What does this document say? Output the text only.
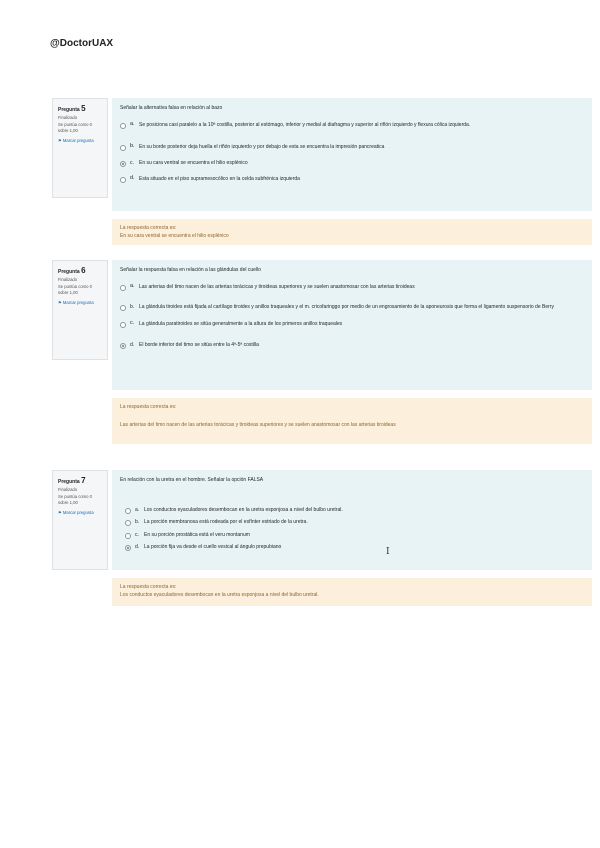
@DoctorUAX
Pregunta 5
Finalizado
Se puntúa como 0 sobre 1,00
⚑ Marcar pregunta
Señalar la alternativa falsa en relación al bazo
a. Se posiciona casi paralelo a la 10ª costilla, posterior al estómago, inferior y medial al diafragma y superior al riñón izquierdo y flexura cólica izquierda.
b. En su borde posterior deja huella el riñón izquierdo y por debajo de esta se encuentra la impresión pancreatica
c.	En su cara ventral se encuentra el hilio esplénico
d. Esta situado en el piso supramesocólico en la celda subfrénica izquierda
La respuesta correcta es:
En su cara ventral se encuentra el hilio esplénico
Pregunta 6
Finalizado
Se puntúa como 0 sobre 1,00
⚑ Marcar pregunta
Señalar la respuesta falsa en relación a las glándulas del cuello
a. Las arterias del timo nacen de las arterias torácicas y tiroideas superiores y se suelen anastomosar con las arterias tiroideas
b. La glándula tiroides está fijada al cartílago tiroides y anillos traqueales y el m. cricofaringgo por medio de un engrosamiento de la aponeurosis que forma el ligamento suspensorio de Berry
c. La glándula paratiroides se sitúa generalmente a la altura de los primeros anillos traqueales
d. El borde inferior del timo se sitúa entre la 4ª-5ª costilla
La respuesta correcta es:
Las arterias del timo nacen de las arterias torácicas y tiroideas superiores y se suelen anastomosar con las arterias tiroideas
Pregunta 7
Finalizado
Se puntúa como 0 sobre 1,00
⚑ Marcar pregunta
En relación con la uretra en el hombre. Señalar la opción FALSA
a. Los conductos eyaculadores desembocan en la uretra esponjosa a nivel del bulbo uretral.
b. La porción membranosa está rodeada por el esfínter estriado de la uretra.
c.	En su porción prostática está el veru montanum
d. La porción fija va desde el cuello vesical al ángulo prepubiano
La respuesta correcta es:
Los conductos eyaculadores desembocan en la uretra esponjosa a nivel del bulbo uretral.
I
